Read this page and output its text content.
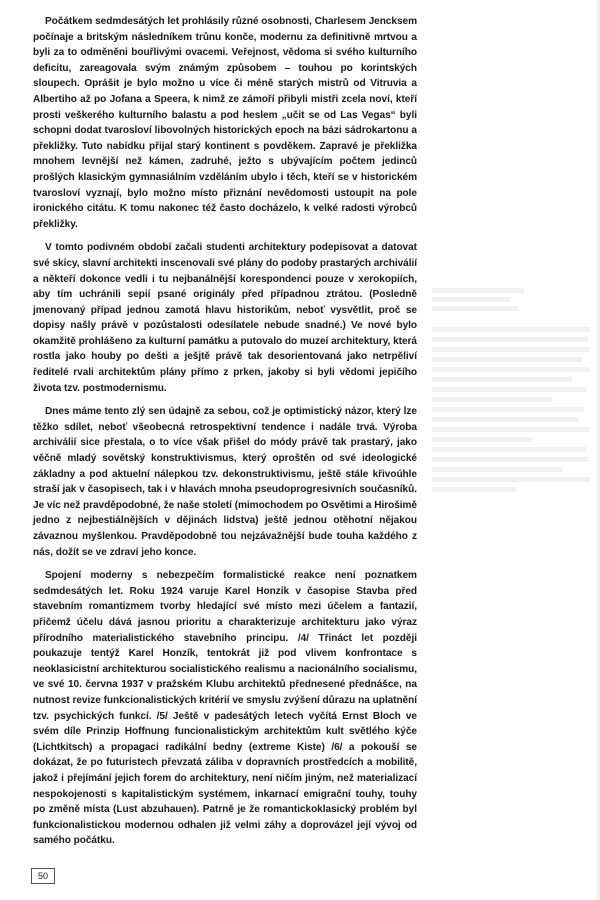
Počátkem sedmdesátých let prohlásily různé osobnosti, Charlesem Jencksem počínaje a britským následníkem trůnu konče, modernu za definitivně mrtvou a byli za to odměněni bouřlivými ovacemi. Veřejnost, vědoma si svého kulturního deficitu, zareagovala svým známým způsobem – touhou po korintských sloupech. Oprášit je bylo možno u více či méně starých mistrů od Vitruvia a Albertiho až po Jofana a Speera, k nimž ze zámoří přibyli mistři zcela noví, kteří prosti veškerého kulturního balastu a pod heslem „učit se od Las Vegas“ byli schopni dodat tvarosloví libovolných historických epoch na bázi sádrokartonu a překližky. Tuto nabídku přijal starý kontinent s povděkem. Zapravé je překližka mnohem levnější než kámen, zadruhé, ježto s ubývajícím počtem jedinců prošlých klasickým gymnasiálním vzděláním ubylo i těch, kteří se v historickém tvarosloví vyznají, bylo možno místo přiznání nevědomosti ustoupit na pole ironického citátu. K tomu nakonec též často docházelo, k velké radosti výrobců překližky.

V tomto podivném období začali studenti architektury podepisovat a datovat své skicy, slavní architekti inscenovali své plány do podoby prastarých archiválií a někteří dokonce vedli i tu nejbanálnější korespondenci pouze v xerokopiích, aby tím uchránili sepií psané originály před případnou ztrátou. (Posledně jmenovaný případ jednou zamotá hlavu historikům, neboť vysvětlit, proč se dopisy našly právě v pozůstalosti odesílatele nebude snadné.) Ve nové bylo okamžitě prohlášeno za kulturní památku a putovalo do muzeí architektury, která rostla jako houby po dešti a ješjtě právě tak desorientovaná jako netrpěliví ředitelé rvali architektům plány přímo z prken, jakoby si byli vědomi jepičího života tzv. postmodernismu.

Dnes máme tento zlý sen údajně za sebou, což je optimistický názor, který lze těžko sdílet, neboť všeobecná retrospektivní tendence i nadále trvá. Výroba archiválií sice přestala, o to více však přišel do módy právě tak prastarý, jako věčně mladý sovětský konstruktivismus, který oproštěn od své ideologické základny a pod aktuelní nálepkou tzv. dekonstruktivismu, ještě stále křivoúhle straší jak v časopisech, tak i v hlavách mnoha pseudoprogresivních současníků. Je víc než pravděpodobné, že naše století (mimochodem po Osvětimi a Hirošimě jedno z nejbestiálnějších v dějinách lidstva) ještě jednou otěhotní nějakou závaznou myšlenkou. Pravděpodobně tou nejzávažnější bude touha každého z nás, dožít se ve zdraví jeho konce.

Spojení moderny s nebezpečím formalistické reakce není poznatkem sedmdesátých let. Roku 1924 varuje Karel Honzík v časopise Stavba před stavebním romantizmem tvorby hledající své místo mezi účelem a fantazií, přičemž účelu dává jasnou prioritu a charakterizuje architekturu jako výraz přírodního materialistického stavebního principu. /4/ Třináct let později poukazuje tentýž Karel Honzík, tentokrát již pod vlivem konfrontace s neoklasicistní architekturou socialistického realismu a nacionálního socialismu, ve své 10. června 1937 v pražském Klubu architektů přednesené přednášce, na nutnost revize funkcionalistických kritérií ve smyslu zvýšení důrazu na uplatnění tzv. psychických funkcí. /5/ Ještě v padesátých letech vyčítá Ernst Bloch ve svém díle Prinzip Hoffnung funcionalistickým architektům kult světlého kýče (Lichtkitsch) a propagaci radikální bedny (extreme Kiste) /6/ a pokouší se dokázat, že po futuristech převzatá záliba v dopravních prostředcích a mobilitě, jakož i přejímání jejich forem do architektury, není ničím jiným, než materializací nespokojenosti s kapitalistickým systémem, inkarnací emigrační touhy, touhy po změně místa (Lust abzuhauen). Patrně je že romantickoklasický problém byl funkcionalistickou modernou odhalen již velmi záhy a doprovázel její vývoj od samého počátku.

50
